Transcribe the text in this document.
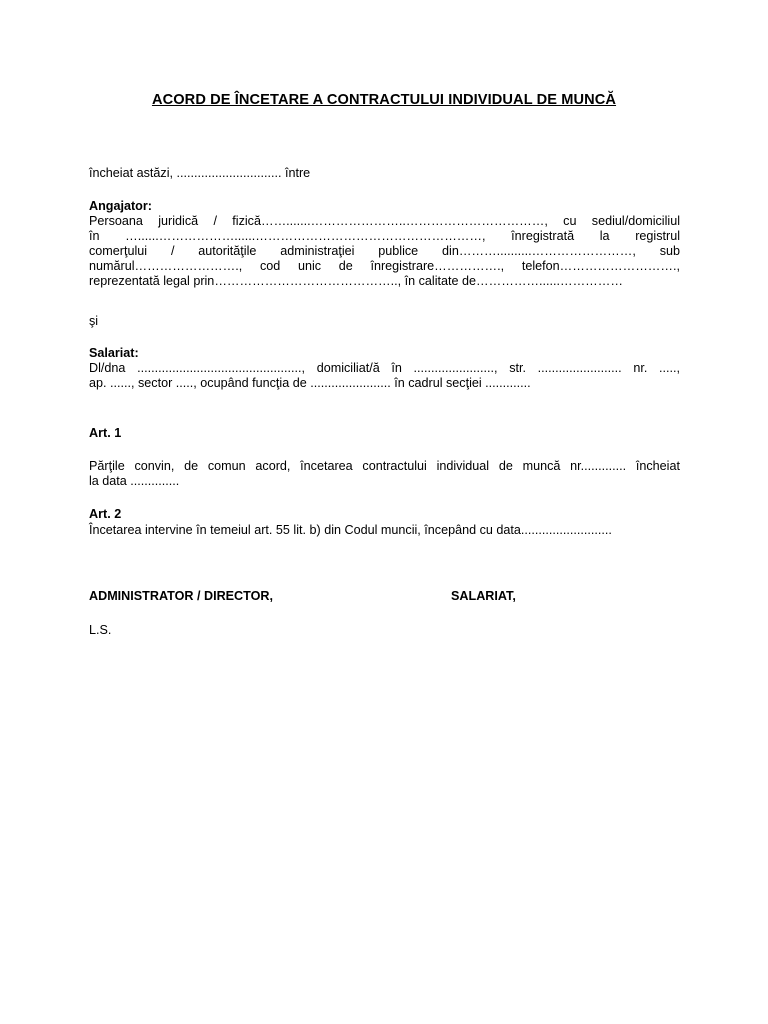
ACORD DE ÎNCETARE A CONTRACTULUI INDIVIDUAL DE MUNCĂ
încheiat astăzi, .............................. între
Angajator:
Persoana juridică / fizică…….......…………………..……………………………, cu sediul/domiciliul
în …......………………......………………………………………………, înregistrată la registrul
comerţului / autorităţile administraţiei publice din………..........……………………, sub
numărul……………………., cod unic de înregistrare……………., telefon……………………….,
reprezentată legal prin…………………………………….., în calitate de……………......……………
şi
Salariat:
Dl/dna ..............................................., domiciliat/ă în ......................., str. ........................ nr. .....,
ap. ......, sector ....., ocupând funcţia de ....................... în cadrul secţiei .............
Art. 1
Părţile convin, de comun acord, încetarea contractului individual de muncă nr............. încheiat
la data ..............
Art. 2
Încetarea intervine în temeiul art. 55 lit. b) din Codul muncii, începând cu data..........................
ADMINISTRATOR / DIRECTOR,	SALARIAT,
L.S.
